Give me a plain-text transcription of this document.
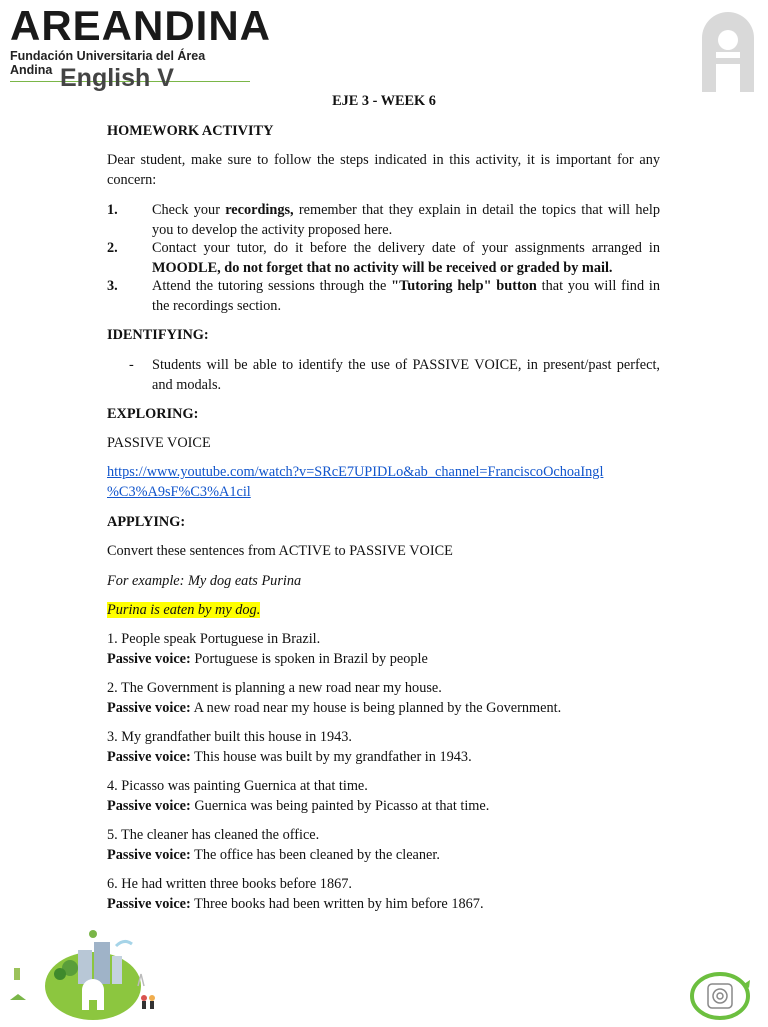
AREANDINA
Fundación Universitaria del Área Andina English V
EJE 3 - WEEK 6
HOMEWORK ACTIVITY
Dear student, make sure to follow the steps indicated in this activity, it is important for any concern:
1. Check your recordings, remember that they explain in detail the topics that will help you to develop the activity proposed here.
2. Contact your tutor, do it before the delivery date of your assignments arranged in MOODLE, do not forget that no activity will be received or graded by mail.
3. Attend the tutoring sessions through the "Tutoring help" button that you will find in the recordings section.
IDENTIFYING:
- Students will be able to identify the use of PASSIVE VOICE, in present/past perfect, and modals.
EXPLORING:
PASSIVE VOICE
https://www.youtube.com/watch?v=SRcE7UPIDLo&ab_channel=FranciscoOchoaIngl
%C3%A9sF%C3%A1cil
APPLYING:
Convert these sentences from ACTIVE to PASSIVE VOICE
For example: My dog eats Purina
Purina is eaten by my dog.
1. People speak Portuguese in Brazil.
Passive voice: Portuguese is spoken in Brazil by people
2. The Government is planning a new road near my house.
Passive voice: A new road near my house is being planned by the Government.
3. My grandfather built this house in 1943.
Passive voice: This house was built by my grandfather in 1943.
4. Picasso was painting Guernica at that time.
Passive voice: Guernica was being painted by Picasso at that time.
5. The cleaner has cleaned the office.
Passive voice: The office has been cleaned by the cleaner.
6. He had written three books before 1867.
Passive voice: Three books had been written by him before 1867.
